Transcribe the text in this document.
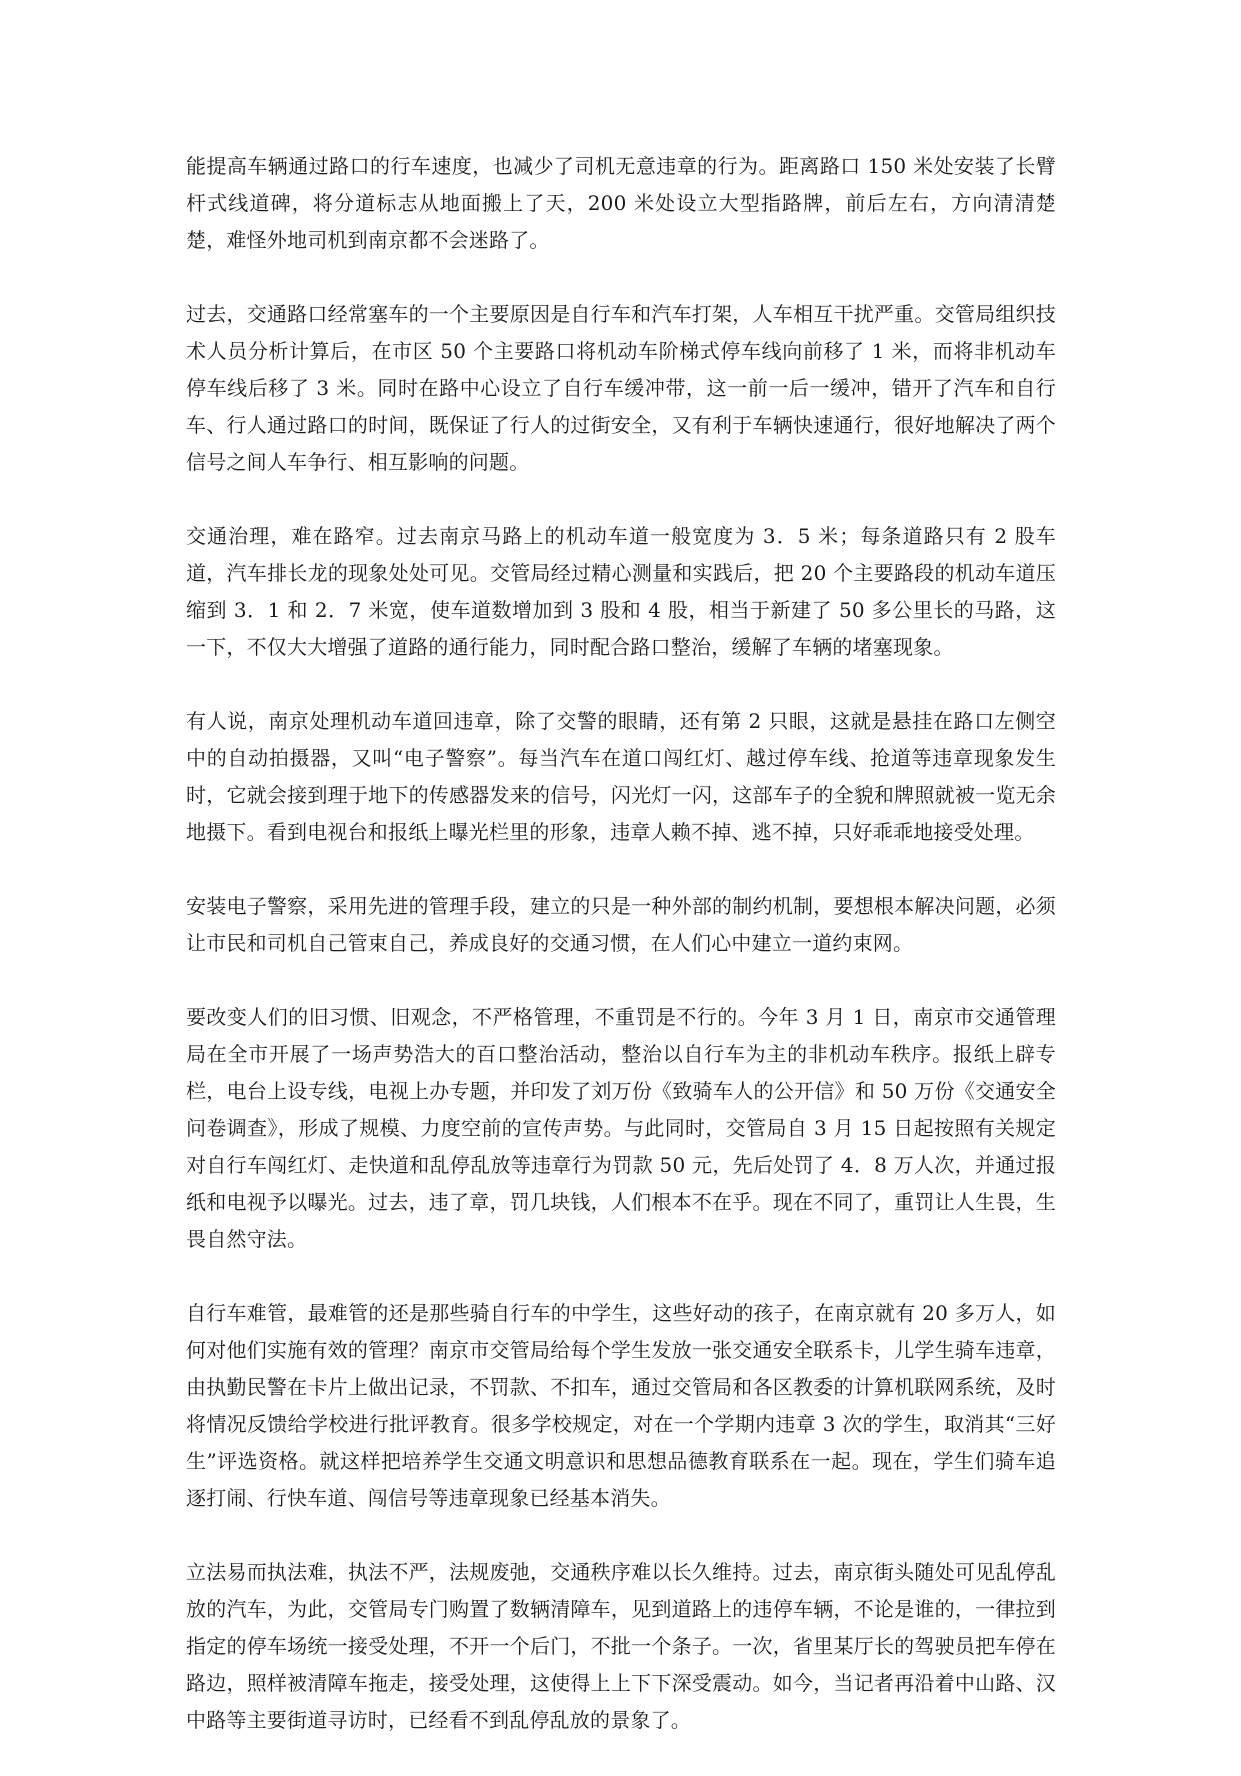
能提高车辆通过路口的行车速度，也减少了司机无意违章的行为。距离路口 150 米处安装了长臂杆式线道碑，将分道标志从地面搬上了天，200 米处设立大型指路牌，前后左右，方向清清楚楚，难怪外地司机到南京都不会迷路了。

过去，交通路口经常塞车的一个主要原因是自行车和汽车打架，人车相互干扰严重。交管局组织技术人员分析计算后，在市区 50 个主要路口将机动车阶梯式停车线向前移了 1 米，而将非机动车停车线后移了 3 米。同时在路中心设立了自行车缓冲带，这一前一后一缓冲，错开了汽车和自行车、行人通过路口的时间，既保证了行人的过街安全，又有利于车辆快速通行，很好地解决了两个信号之间人车争行、相互影响的问题。

交通治理，难在路窄。过去南京马路上的机动车道一般宽度为 3．5 米；每条道路只有 2 股车道，汽车排长龙的现象处处可见。交管局经过精心测量和实践后，把 20 个主要路段的机动车道压缩到 3．1 和 2．7 米宽，使车道数增加到 3 股和 4 股，相当于新建了 50 多公里长的马路，这一下，不仅大大增强了道路的通行能力，同时配合路口整治，缓解了车辆的堵塞现象。

有人说，南京处理机动车道回违章，除了交警的眼睛，还有第 2 只眼，这就是悬挂在路口左侧空中的自动拍摄器，又叫“电子警察”。每当汽车在道口闯红灯、越过停车线、抢道等违章现象发生时，它就会接到理于地下的传感器发来的信号，闪光灯一闪，这部车子的全貌和牌照就被一览无余地摄下。看到电视台和报纸上曝光栏里的形象，违章人赖不掉、逃不掉，只好乖乖地接受处理。

安装电子警察，采用先进的管理手段，建立的只是一种外部的制约机制，要想根本解决问题，必须让市民和司机自己管束自己，养成良好的交通习惯，在人们心中建立一道约束网。

要改变人们的旧习惯、旧观念，不严格管理，不重罚是不行的。今年 3 月 1 日，南京市交通管理局在全市开展了一场声势浩大的百口整治活动，整治以自行车为主的非机动车秩序。报纸上辟专栏，电台上设专线，电视上办专题，并印发了刘万份《致骑车人的公开信》和 50 万份《交通安全问卷调查》，形成了规模、力度空前的宣传声势。与此同时，交管局自 3 月 15 日起按照有关规定对自行车闯红灯、走快道和乱停乱放等违章行为罚款 50 元，先后处罚了 4．8 万人次，并通过报纸和电视予以曝光。过去，违了章，罚几块钱，人们根本不在乎。现在不同了，重罚让人生畏，生畏自然守法。

自行车难管，最难管的还是那些骑自行车的中学生，这些好动的孩子，在南京就有 20 多万人，如何对他们实施有效的管理？南京市交管局给每个学生发放一张交通安全联系卡，儿学生骑车违章，由执勤民警在卡片上做出记录，不罚款、不扣车，通过交管局和各区教委的计算机联网系统，及时将情况反馈给学校进行批评教育。很多学校规定，对在一个学期内违章 3 次的学生，取消其“三好生”评选资格。就这样把培养学生交通文明意识和思想品德教育联系在一起。现在，学生们骑车追逐打闹、行快车道、闯信号等违章现象已经基本消失。

立法易而执法难，执法不严，法规废弛，交通秩序难以长久维持。过去，南京街头随处可见乱停乱放的汽车，为此，交管局专门购置了数辆清障车，见到道路上的违停车辆，不论是谁的，一律拉到指定的停车场统一接受处理，不开一个后门，不批一个条子。一次，省里某厅长的驾驶员把车停在路边，照样被清障车拖走，接受处理，这使得上上下下深受震动。如今，当记者再沿着中山路、汉中路等主要街道寻访时，已经看不到乱停乱放的景象了。
